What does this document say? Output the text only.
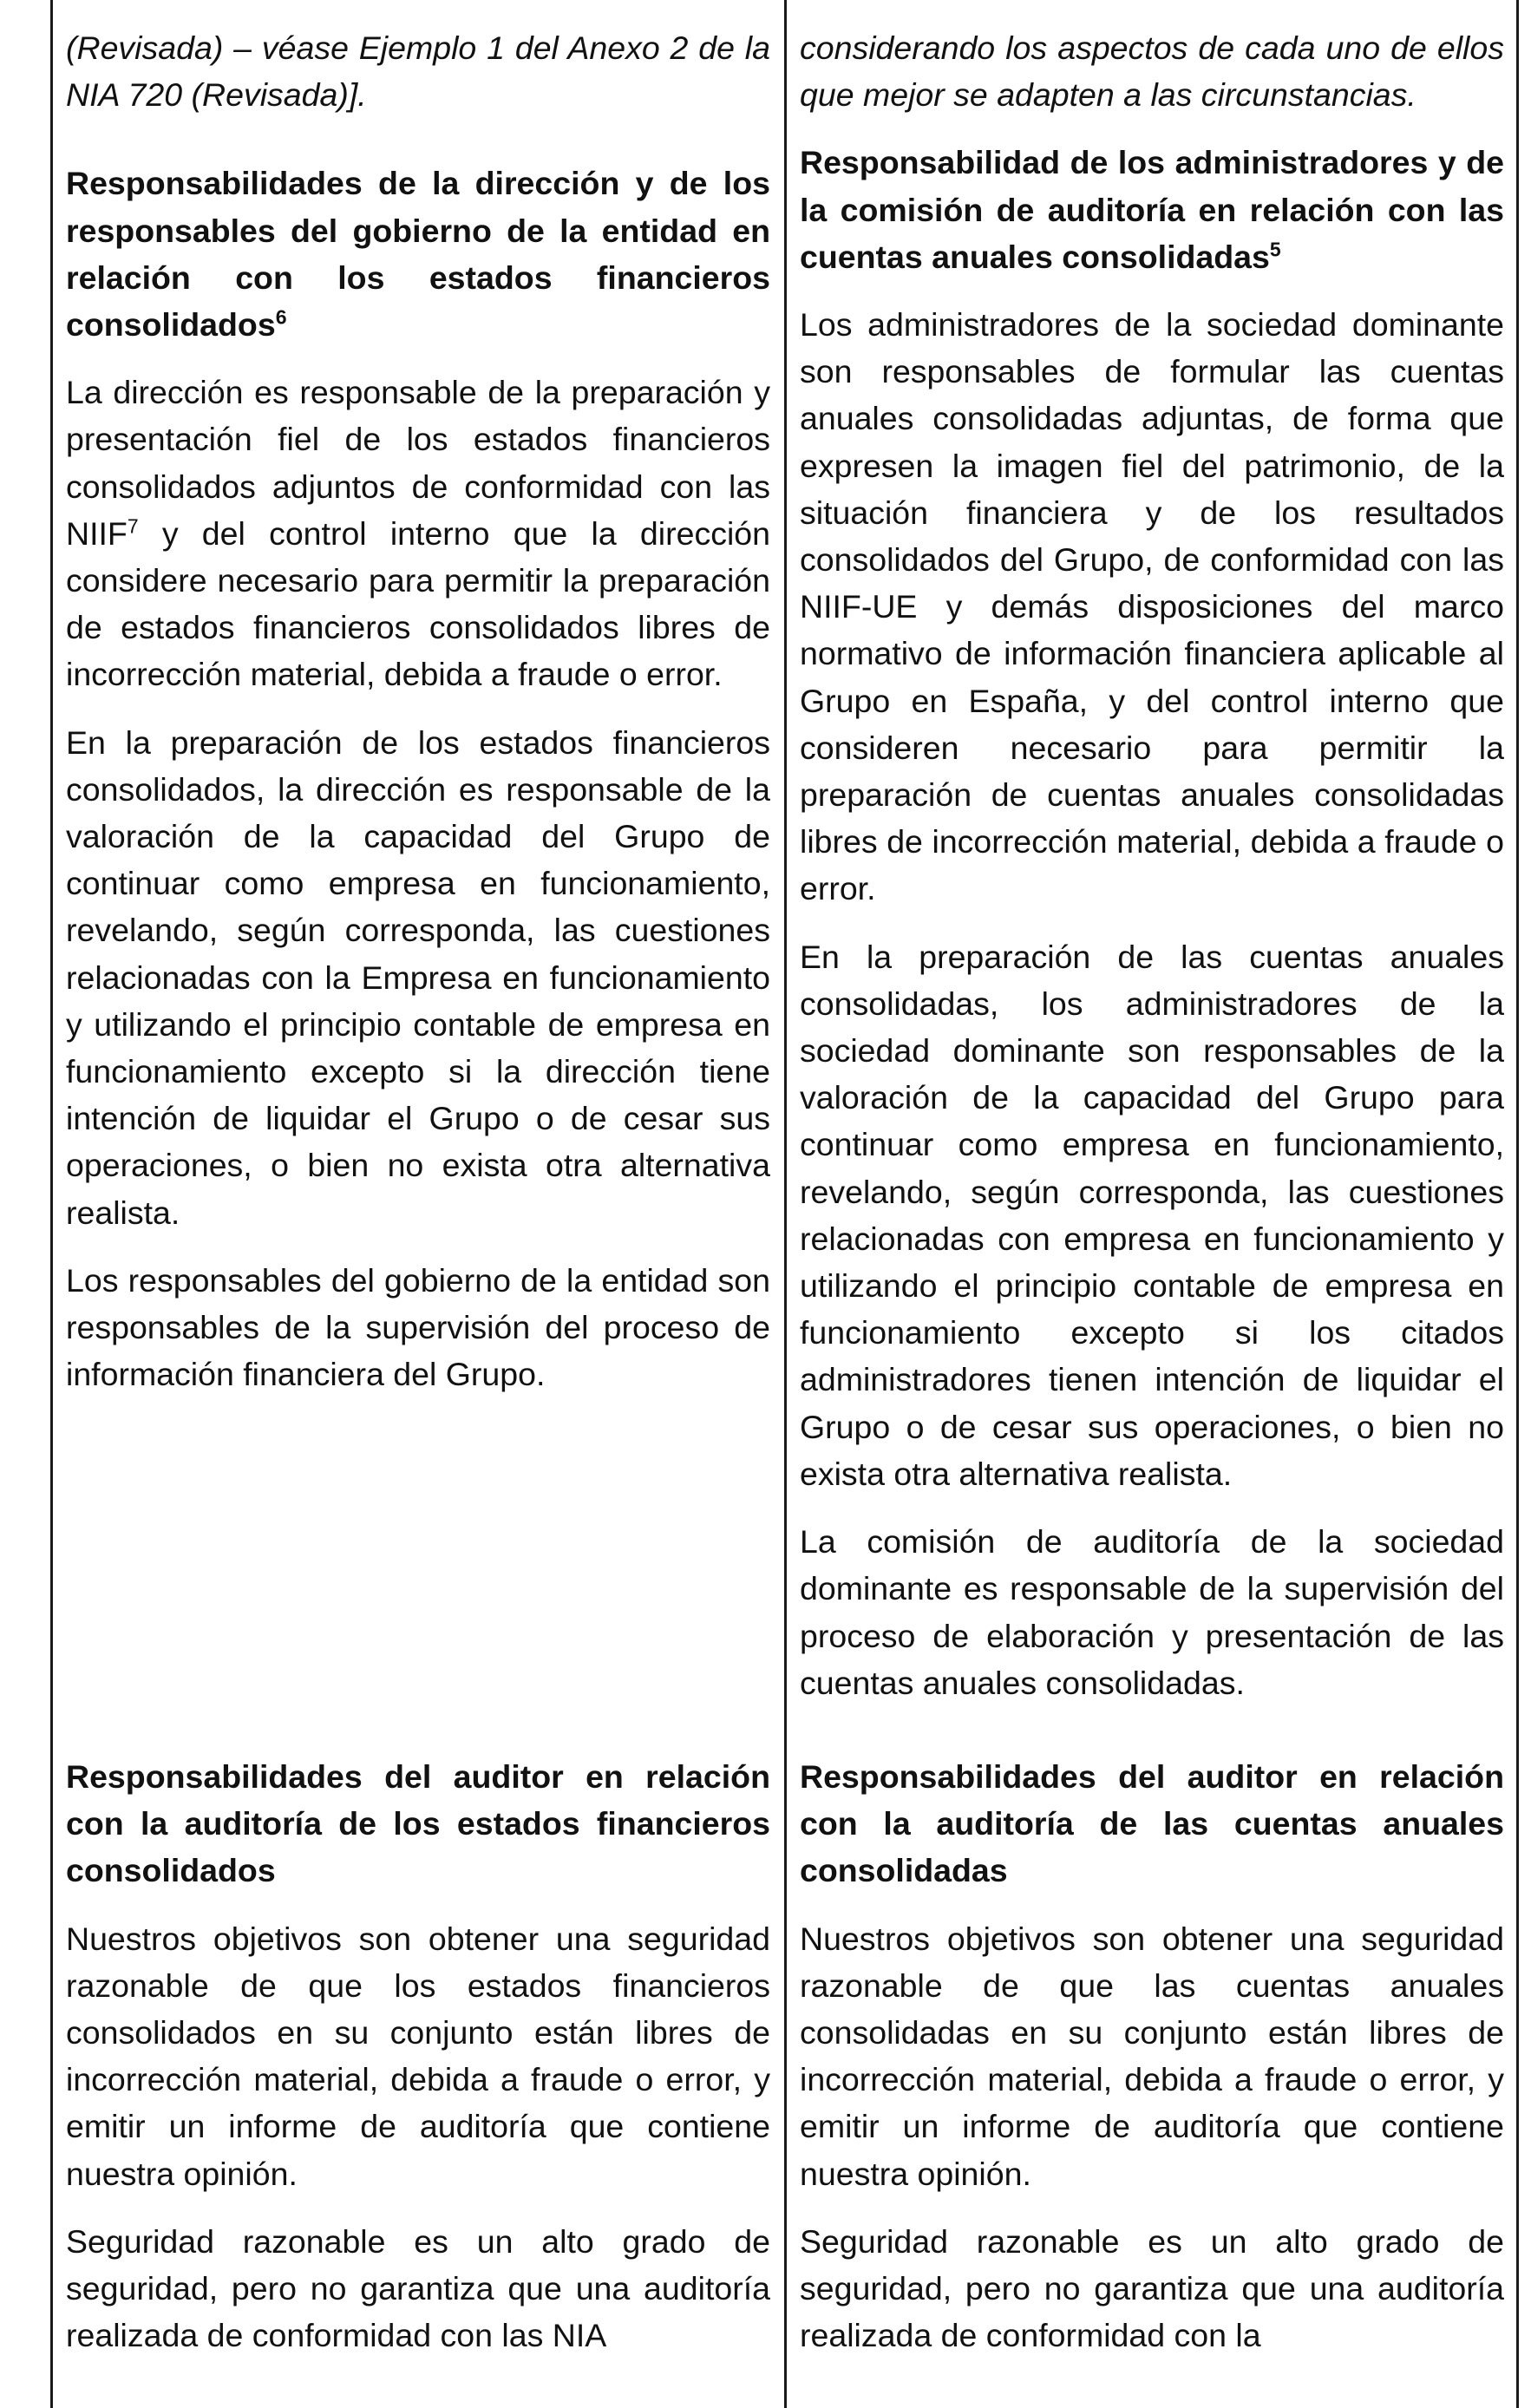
(Revisada) – véase Ejemplo 1 del Anexo 2 de la NIA 720 (Revisada)].

Responsabilidades de la dirección y de los responsables del gobierno de la entidad en relación con los estados financieros consolidados$^6$

La dirección es responsable de la preparación y presentación fiel de los estados financieros consolidados adjuntos de conformidad con las NIIF$^7$ y del control interno que la dirección considere necesario para permitir la preparación de estados financieros consolidados libres de incorrección material, debida a fraude o error.

En la preparación de los estados financieros consolidados, la dirección es responsable de la valoración de la capacidad del Grupo de continuar como empresa en funcionamiento, revelando, según corresponda, las cuestiones relacionadas con la Empresa en funcionamiento y utilizando el principio contable de empresa en funcionamiento excepto si la dirección tiene intención de liquidar el Grupo o de cesar sus operaciones, o bien no exista otra alternativa realista.

Los responsables del gobierno de la entidad son responsables de la supervisión del proceso de información financiera del Grupo.

Responsabilidades del auditor en relación con la auditoría de los estados financieros consolidados

Nuestros objetivos son obtener una seguridad razonable de que los estados financieros consolidados en su conjunto están libres de incorrección material, debida a fraude o error, y emitir un informe de auditoría que contiene nuestra opinión.

Seguridad razonable es un alto grado de seguridad, pero no garantiza que una auditoría realizada de conformidad con las NIA

considerando los aspectos de cada uno de ellos que mejor se adapten a las circunstancias.

Responsabilidad de los administradores y de la comisión de auditoría en relación con las cuentas anuales consolidadas$^5$

Los administradores de la sociedad dominante son responsables de formular las cuentas anuales consolidadas adjuntas, de forma que expresen la imagen fiel del patrimonio, de la situación financiera y de los resultados consolidados del Grupo, de conformidad con las NIIF-UE y demás disposiciones del marco normativo de información financiera aplicable al Grupo en España, y del control interno que consideren necesario para permitir la preparación de cuentas anuales consolidadas libres de incorrección material, debida a fraude o error.

En la preparación de las cuentas anuales consolidadas, los administradores de la sociedad dominante son responsables de la valoración de la capacidad del Grupo para continuar como empresa en funcionamiento, revelando, según corresponda, las cuestiones relacionadas con empresa en funcionamiento y utilizando el principio contable de empresa en funcionamiento excepto si los citados administradores tienen intención de liquidar el Grupo o de cesar sus operaciones, o bien no exista otra alternativa realista.

La comisión de auditoría de la sociedad dominante es responsable de la supervisión del proceso de elaboración y presentación de las cuentas anuales consolidadas.

Responsabilidades del auditor en relación con la auditoría de las cuentas anuales consolidadas

Nuestros objetivos son obtener una seguridad razonable de que las cuentas anuales consolidadas en su conjunto están libres de incorrección material, debida a fraude o error, y emitir un informe de auditoría que contiene nuestra opinión.

Seguridad razonable es un alto grado de seguridad, pero no garantiza que una auditoría realizada de conformidad con la
